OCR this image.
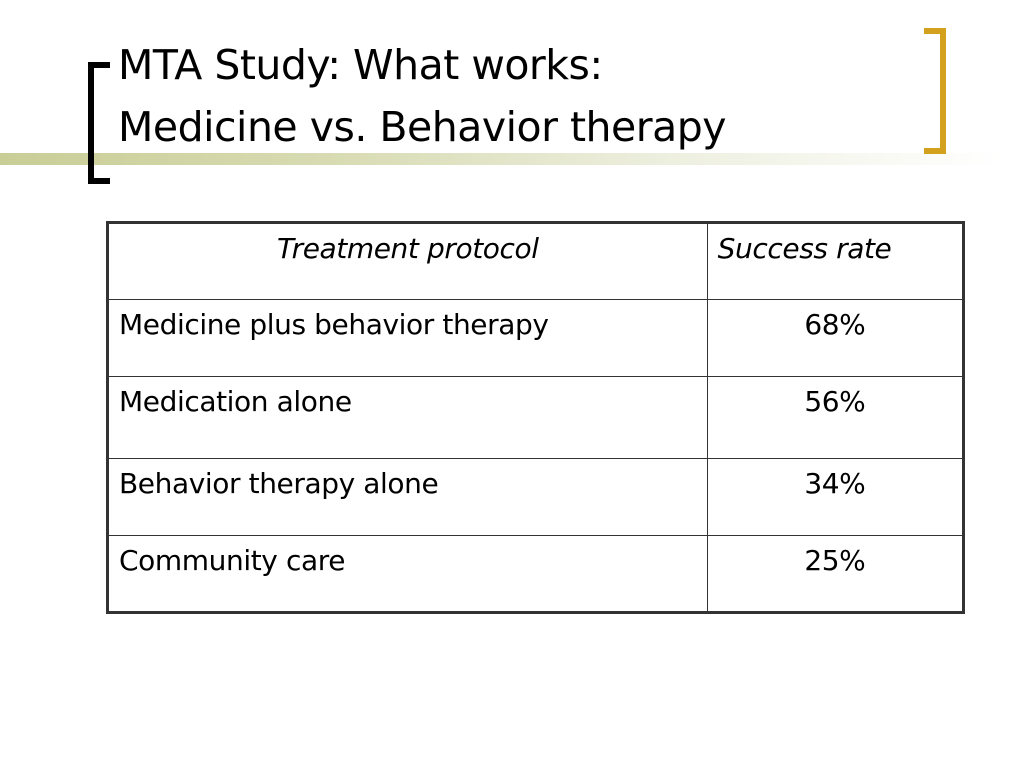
MTA Study: What works:
Medicine vs. Behavior therapy
Treatment protocol	Success rate
Medicine plus behavior therapy	68%
Medication alone	56%
Behavior therapy alone	34%
Community care	25%
